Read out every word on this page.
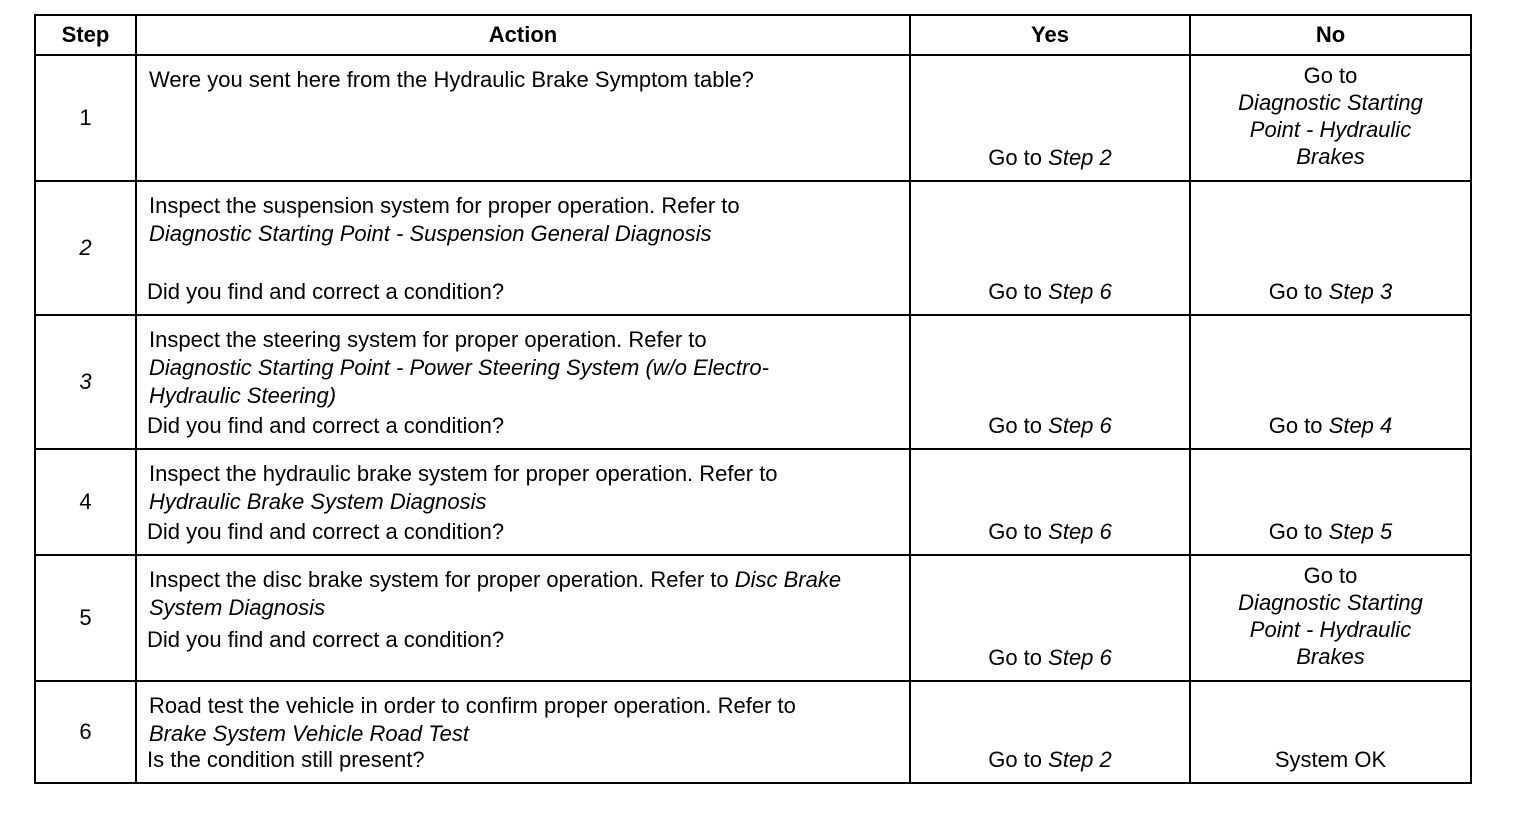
Step	Action	Yes	No
1	Were you sent here from the Hydraulic Brake Symptom table?	Go to Step 2	Go to Diagnostic Starting Point - Hydraulic Brakes

2	Inspect the suspension system for proper operation. Refer to
Diagnostic Starting Point - Suspension General Diagnosis
Did you find and correct a condition?	Go to Step 6	Go to Step 3

3	Inspect the steering system for proper operation. Refer to
Diagnostic Starting Point - Power Steering System (w/o Electro-Hydraulic Steering)
Did you find and correct a condition?	Go to Step 6	Go to Step 4

4	Inspect the hydraulic brake system for proper operation. Refer to
Hydraulic Brake System Diagnosis
Did you find and correct a condition?	Go to Step 6	Go to Step 5

5	Inspect the disc brake system for proper operation. Refer to Disc Brake System Diagnosis
Did you find and correct a condition?	Go to Step 6	Go to Diagnostic Starting Point - Hydraulic Brakes

6	Road test the vehicle in order to confirm proper operation. Refer to
Brake System Vehicle Road Test
Is the condition still present?	Go to Step 2	System OK
